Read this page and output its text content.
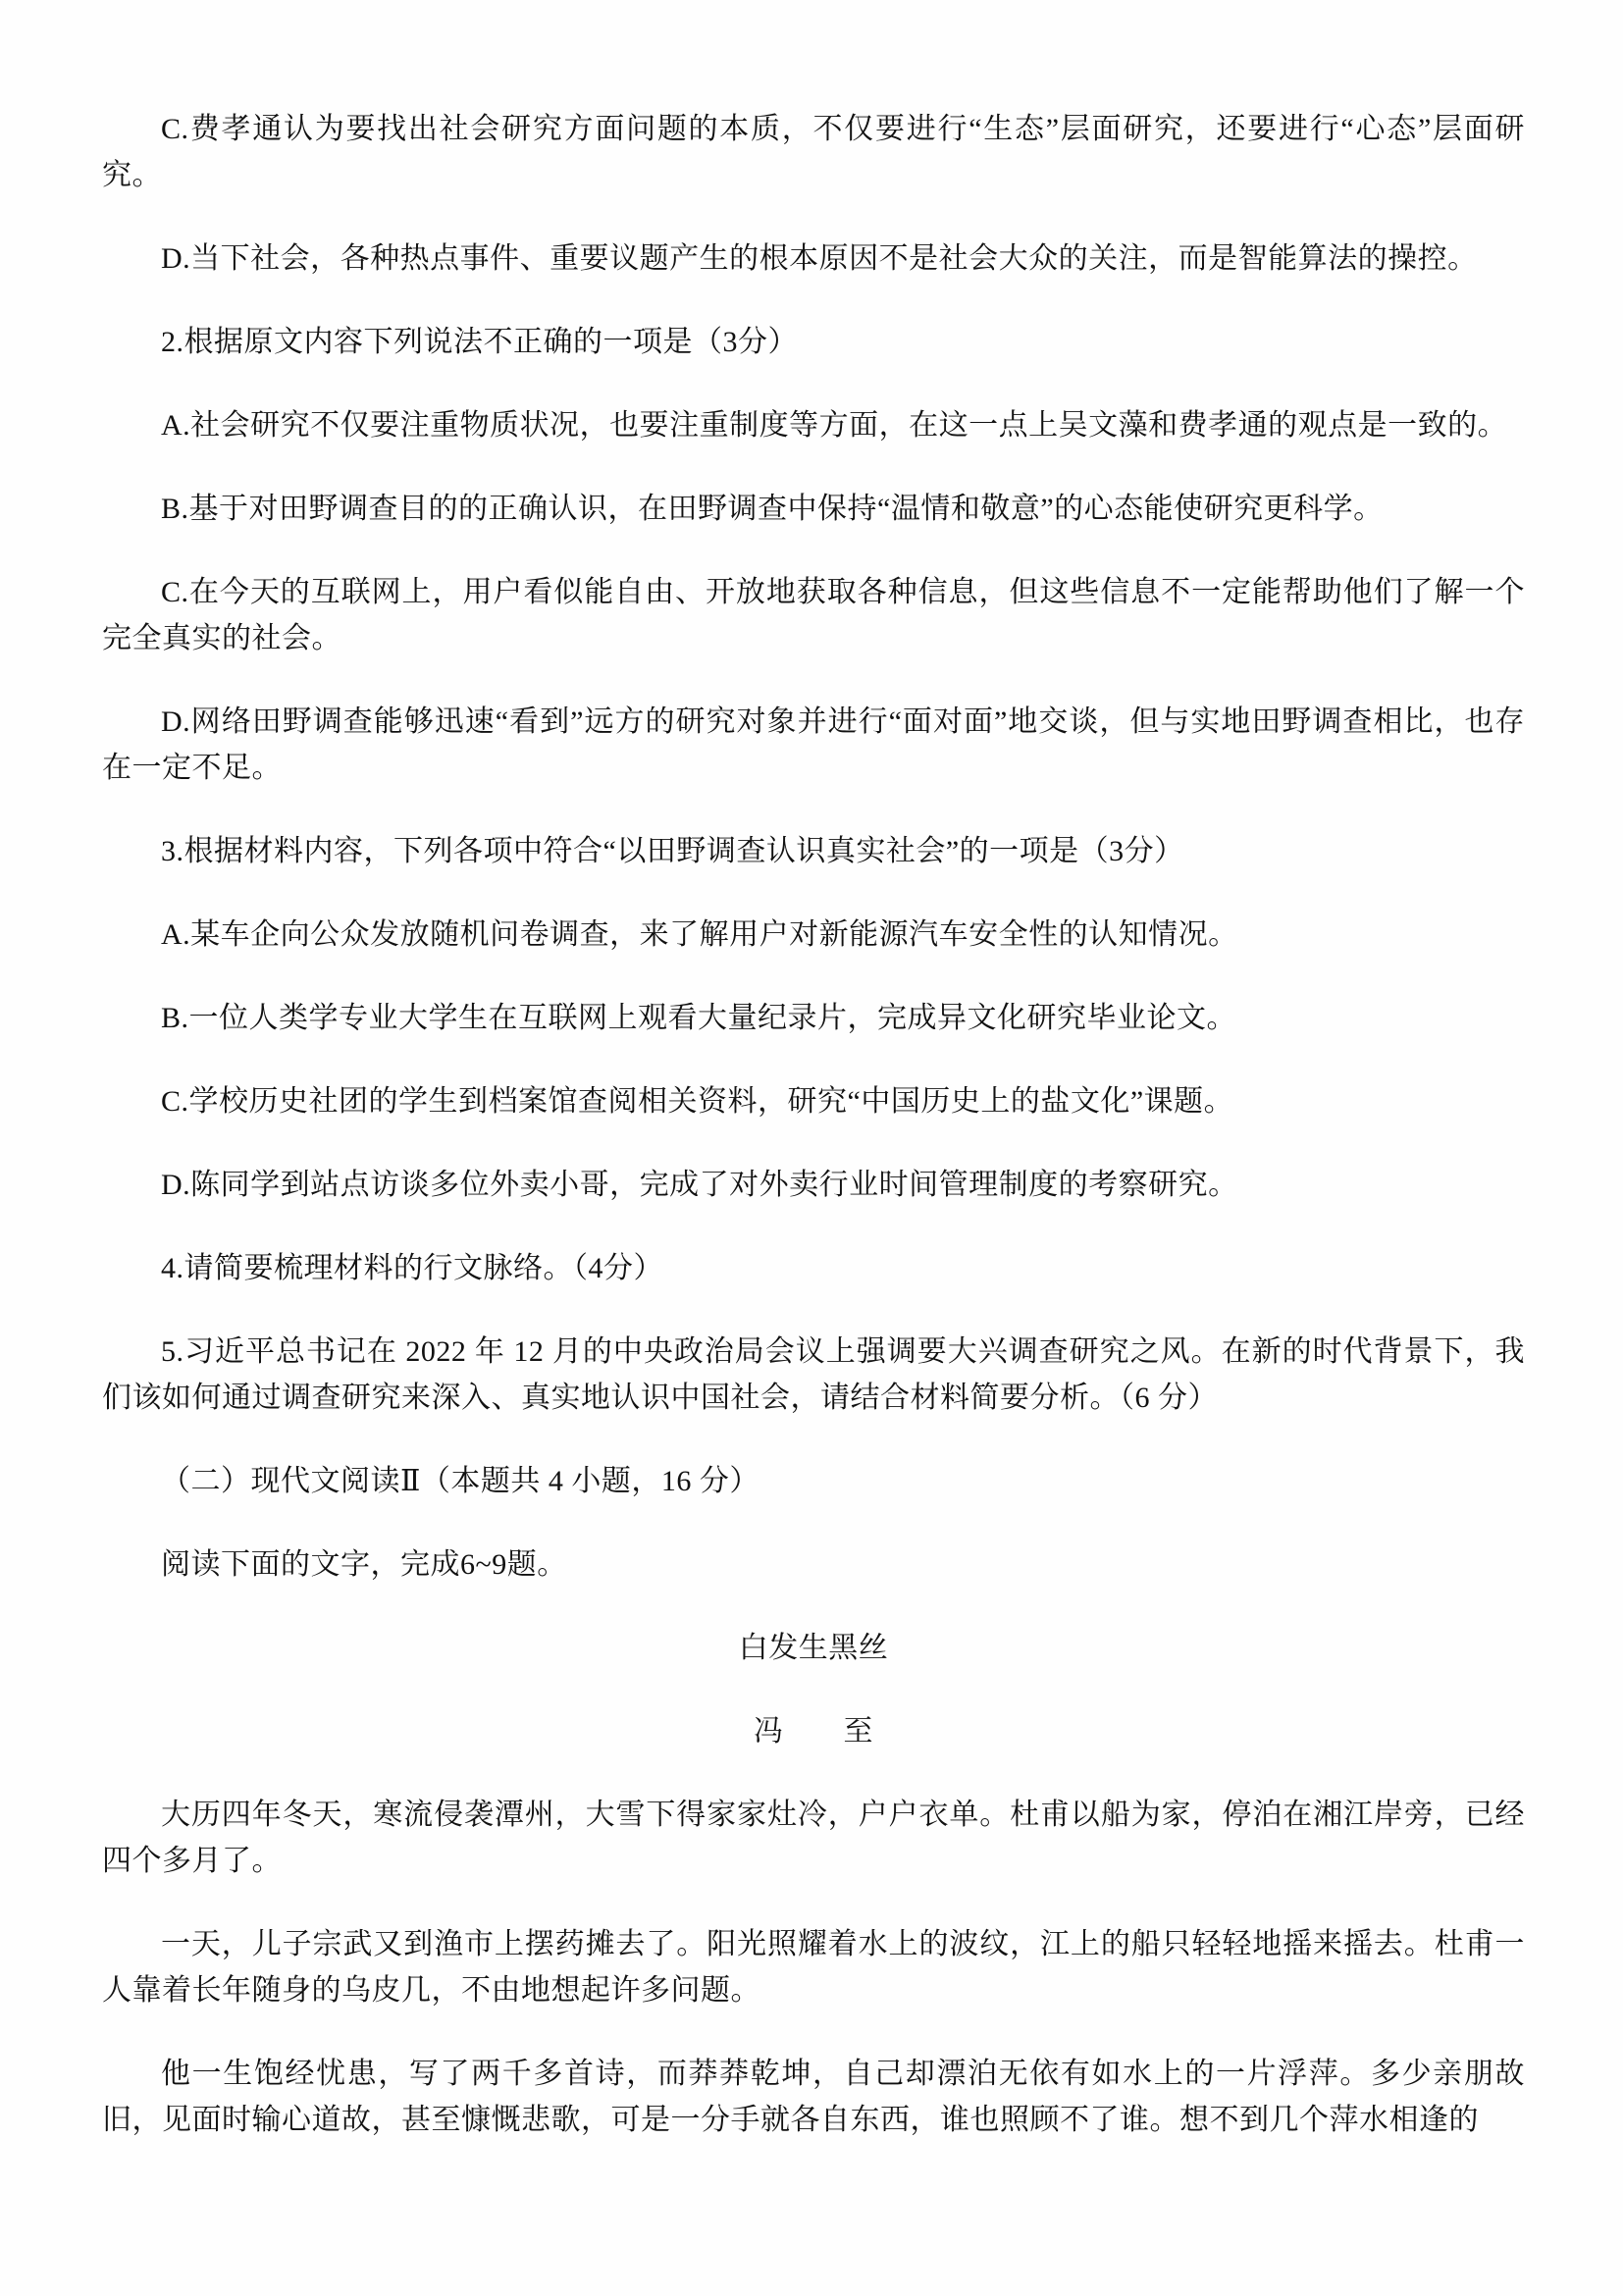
C.费孝通认为要找出社会研究方面问题的本质，不仅要进行“生态”层面研究，还要进行“心态”层面研究。

D.当下社会，各种热点事件、重要议题产生的根本原因不是社会大众的关注，而是智能算法的操控。

2.根据原文内容下列说法不正确的一项是（3分）

A.社会研究不仅要注重物质状况，也要注重制度等方面，在这一点上吴文藻和费孝通的观点是一致的。

B.基于对田野调查目的的正确认识，在田野调查中保持“温情和敬意”的心态能使研究更科学。

C.在今天的互联网上，用户看似能自由、开放地获取各种信息，但这些信息不一定能帮助他们了解一个完全真实的社会。

D.网络田野调查能够迅速“看到”远方的研究对象并进行“面对面”地交谈，但与实地田野调查相比，也存在一定不足。

3.根据材料内容，下列各项中符合“以田野调查认识真实社会”的一项是（3分）

A.某车企向公众发放随机问卷调查，来了解用户对新能源汽车安全性的认知情况。

B.一位人类学专业大学生在互联网上观看大量纪录片，完成异文化研究毕业论文。

C.学校历史社团的学生到档案馆查阅相关资料，研究“中国历史上的盐文化”课题。

D.陈同学到站点访谈多位外卖小哥，完成了对外卖行业时间管理制度的考察研究。

4.请简要梳理材料的行文脉络。（4分）

5.习近平总书记在 2022 年 12 月的中央政治局会议上强调要大兴调查研究之风。在新的时代背景下，我们该如何通过调查研究来深入、真实地认识中国社会，请结合材料简要分析。（6 分）

（二）现代文阅读Ⅱ（本题共 4 小题，16 分）

阅读下面的文字，完成6~9题。

白发生黑丝

冯　　至

大历四年冬天，寒流侵袭潭州，大雪下得家家灶冷，户户衣单。杜甫以船为家，停泊在湘江岸旁，已经四个多月了。

一天，儿子宗武又到渔市上摆药摊去了。阳光照耀着水上的波纹，江上的船只轻轻地摇来摇去。杜甫一人靠着长年随身的乌皮几，不由地想起许多问题。

他一生饱经忧患，写了两千多首诗，而莽莽乾坤，自己却漂泊无依有如水上的一片浮萍。多少亲朋故旧，见面时输心道故，甚至慷慨悲歌，可是一分手就各自东西，谁也照顾不了谁。想不到几个萍水相逢的
